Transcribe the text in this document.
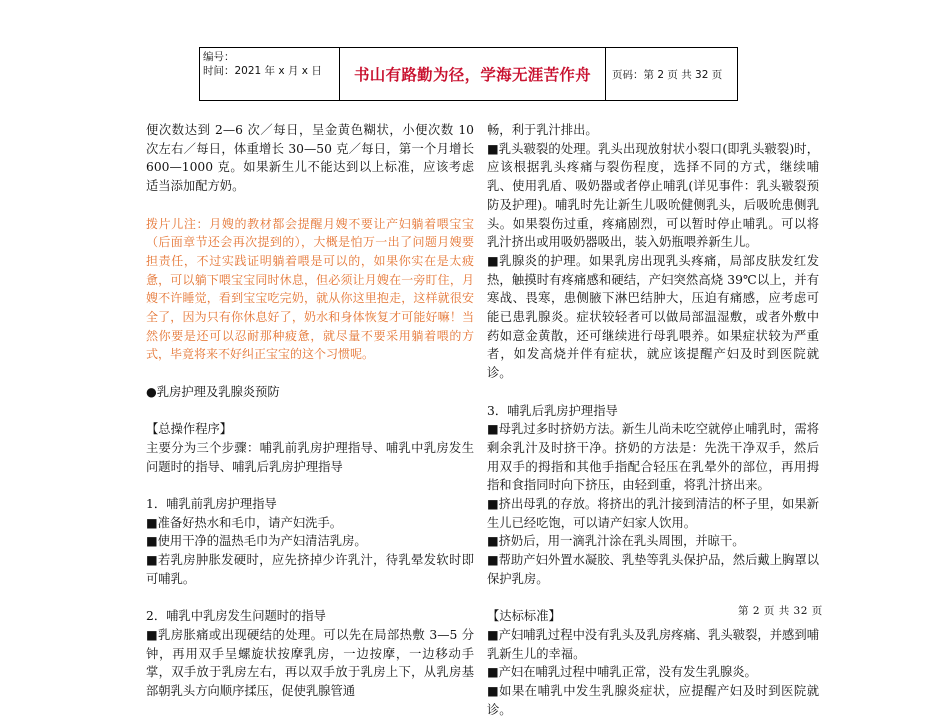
编号：
时间：2021 年 x 月 x 日	书山有路勤为径，学海无涯苦作舟 页码：第 2 页 共 32 页

便次数达到 2—6 次／每日，呈金黄色糊状，小便次数 10 次左右／每日，体重增长 30—50 克／每日，第一个月增长 600—1000 克。如果新生儿不能达到以上标准，应该考虑适当添加配方奶。

拨片儿注：月嫂的教材都会提醒月嫂不要让产妇躺着喂宝宝（后面章节还会再次提到的），大概是怕万一出了问题月嫂要担责任，不过实践证明躺着喂是可以的，如果你实在是太疲惫，可以躺下喂宝宝同时休息，但必须让月嫂在一旁盯住，月嫂不许睡觉，看到宝宝吃完奶，就从你这里抱走，这样就很安全了，因为只有你休息好了，奶水和身体恢复才可能好嘛！当然你要是还可以忍耐那种疲惫，就尽量不要采用躺着喂的方式，毕竟将来不好纠正宝宝的这个习惯呢。

●乳房护理及乳腺炎预防

【总操作程序】

主要分为三个步骤：哺乳前乳房护理指导、哺乳中乳房发生问题时的指导、哺乳后乳房护理指导

1．哺乳前乳房护理指导

■准备好热水和毛巾，请产妇洗手。

■使用干净的温热毛巾为产妇清洁乳房。

■若乳房肿胀发硬时，应先挤掉少许乳汁，待乳晕发软时即可哺乳。

2．哺乳中乳房发生问题时的指导

■乳房胀痛或出现硬结的处理。可以先在局部热敷 3—5 分钟，再用双手呈螺旋状按摩乳房，一边按摩，一边移动手掌，双手放于乳房左右，再以双手放于乳房上下，从乳房基部朝乳头方向顺序揉压，促使乳腺管通

畅，利于乳汁排出。

■乳头皲裂的处理。乳头出现放射状小裂口(即乳头皲裂)时，应该根据乳头疼痛与裂伤程度，选择不同的方式，继续哺乳、使用乳盾、吸奶器或者停止哺乳(详见事件：乳头皲裂预防及护理)。哺乳时先让新生儿吸吮健侧乳头，后吸吮患侧乳头。如果裂伤过重，疼痛剧烈，可以暂时停止哺乳。可以将乳汁挤出或用吸奶器吸出，装入奶瓶喂养新生儿。

■乳腺炎的护理。如果乳房出现乳头疼痛，局部皮肤发红发热，触摸时有疼痛感和硬结，产妇突然高烧 39℃以上，并有寒战、畏寒，患侧腋下淋巴结肿大，压迫有痛感，应考虑可能已患乳腺炎。症状较轻者可以做局部温湿敷，或者外敷中药如意金黄散，还可继续进行母乳喂养。如果症状较为严重者，如发高烧并伴有症状，就应该提醒产妇及时到医院就诊。

3．哺乳后乳房护理指导

■母乳过多时挤奶方法。新生儿尚未吃空就停止哺乳时，需将剩余乳汁及时挤干净。挤奶的方法是：先洗干净双手，然后用双手的拇指和其他手指配合轻压在乳晕外的部位，再用拇指和食指同时向下挤压，由轻到重，将乳汁挤出来。

■挤出母乳的存放。将挤出的乳汁接到清洁的杯子里，如果新生儿已经吃饱，可以请产妇家人饮用。

■挤奶后，用一滴乳汁涂在乳头周围，并晾干。

■帮助产妇外置水凝胶、乳垫等乳头保护品，然后戴上胸罩以保护乳房。

【达标标准】

■产妇哺乳过程中没有乳头及乳房疼痛、乳头皲裂，并感到哺乳新生儿的幸福。

■产妇在哺乳过程中哺乳正常，没有发生乳腺炎。

■如果在哺乳中发生乳腺炎症状，应提醒产妇及时到医院就诊。

第 2 页 共 32 页
